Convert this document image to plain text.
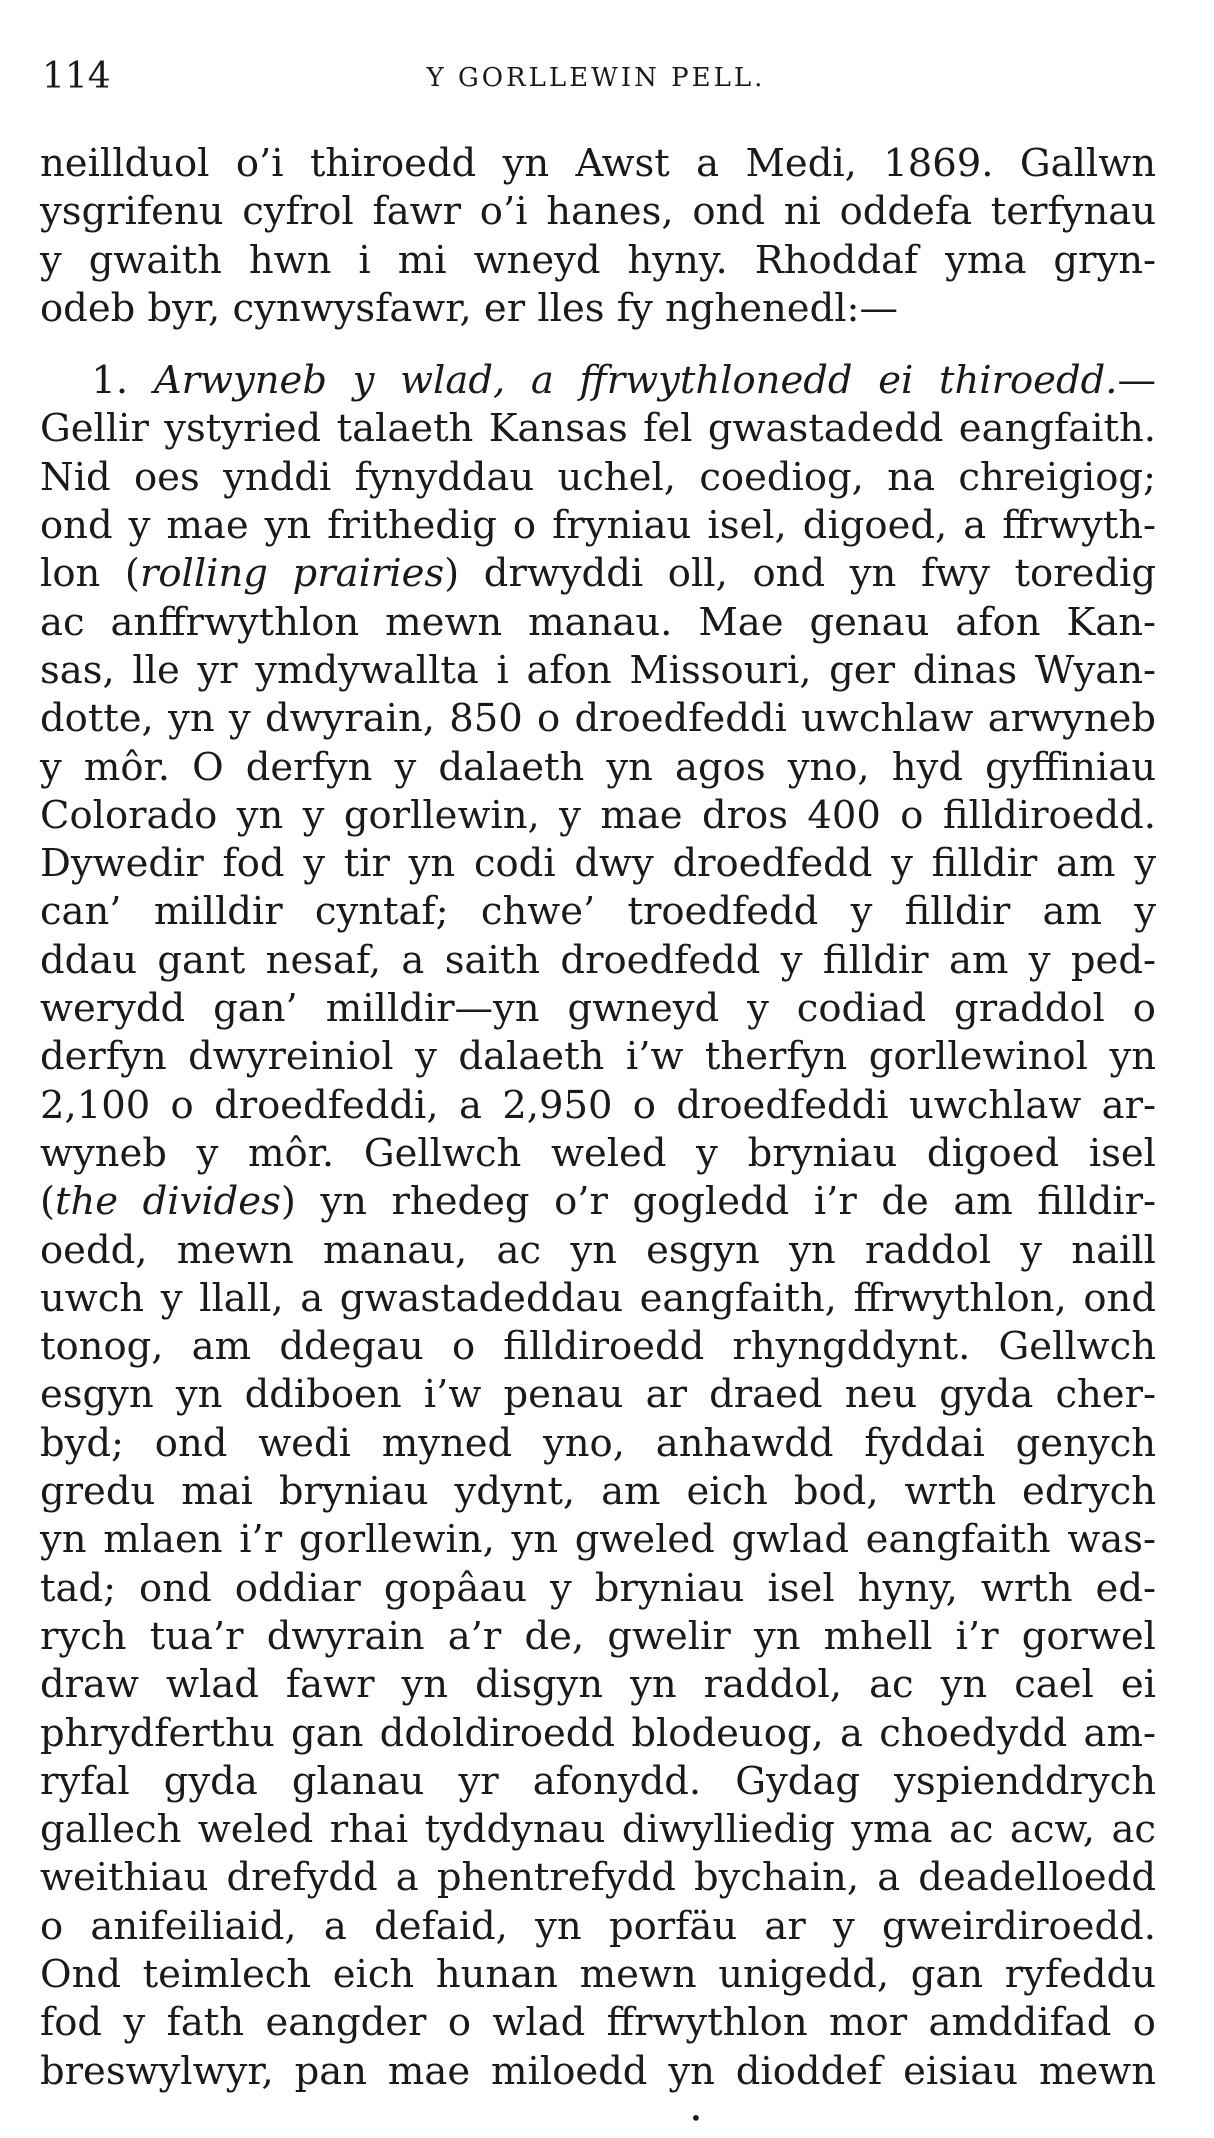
114	Y GORLLEWIN PELL.
neillduol o’i thiroedd yn Awst a Medi, 1869. Gallwn
ysgrifenu cyfrol fawr o’i hanes, ond ni oddefa terfynau
y gwaith hwn i mi wneyd hyny. Rhoddaf yma gryn-
odeb byr, cynwysfawr, er lles fy nghenedl:—
1. Arwyneb y wlad, a ffrwythlonedd ei thiroedd.—
Gellir ystyried talaeth Kansas fel gwastadedd eangfaith.
Nid oes ynddi fynyddau uchel, coediog, na chreigiog;
ond y mae yn frithedig o fryniau isel, digoed, a ffrwyth-
lon (rolling prairies) drwyddi oll, ond yn fwy toredig
ac anffrwythlon mewn manau. Mae genau afon Kan-
sas, lle yr ymdywallta i afon Missouri, ger dinas Wyan-
dotte, yn y dwyrain, 850 o droedfeddi uwchlaw arwyneb
y môr. O derfyn y dalaeth yn agos yno, hyd gyffiniau
Colorado yn y gorllewin, y mae dros 400 o filldiroedd.
Dywedir fod y tir yn codi dwy droedfedd y filldir am y
can’ milldir cyntaf; chwe’ troedfedd y filldir am y
ddau gant nesaf, a saith droedfedd y filldir am y ped-
werydd gan’ milldir—yn gwneyd y codiad graddol o
derfyn dwyreiniol y dalaeth i’w therfyn gorllewinol yn
2,100 o droedfeddi, a 2,950 o droedfeddi uwchlaw ar-
wyneb y môr. Gellwch weled y bryniau digoed isel
(the divides) yn rhedeg o’r gogledd i’r de am filldir-
oedd, mewn manau, ac yn esgyn yn raddol y naill
uwch y llall, a gwastadeddau eangfaith, ffrwythlon, ond
tonog, am ddegau o filldiroedd rhyngddynt. Gellwch
esgyn yn ddiboen i’w penau ar draed neu gyda cher-
byd; ond wedi myned yno, anhawdd fyddai genych
gredu mai bryniau ydynt, am eich bod, wrth edrych
yn mlaen i’r gorllewin, yn gweled gwlad eangfaith was-
tad; ond oddiar gopâau y bryniau isel hyny, wrth ed-
rych tua’r dwyrain a’r de, gwelir yn mhell i’r gorwel
draw wlad fawr yn disgyn yn raddol, ac yn cael ei
phrydferthu gan ddoldiroedd blodeuog, a choedydd am-
ryfal gyda glanau yr afonydd. Gydag yspienddrych
gallech weled rhai tyddynau diwylliedig yma ac acw, ac
weithiau drefydd a phentrefydd bychain, a deadelloedd
o anifeiliaid, a defaid, yn porfäu ar y gweirdiroedd.
Ond teimlech eich hunan mewn unigedd, gan ryfeddu
fod y fath eangder o wlad ffrwythlon mor amddifad o
breswylwyr, pan mae miloedd yn dioddef eisiau mewn
•
